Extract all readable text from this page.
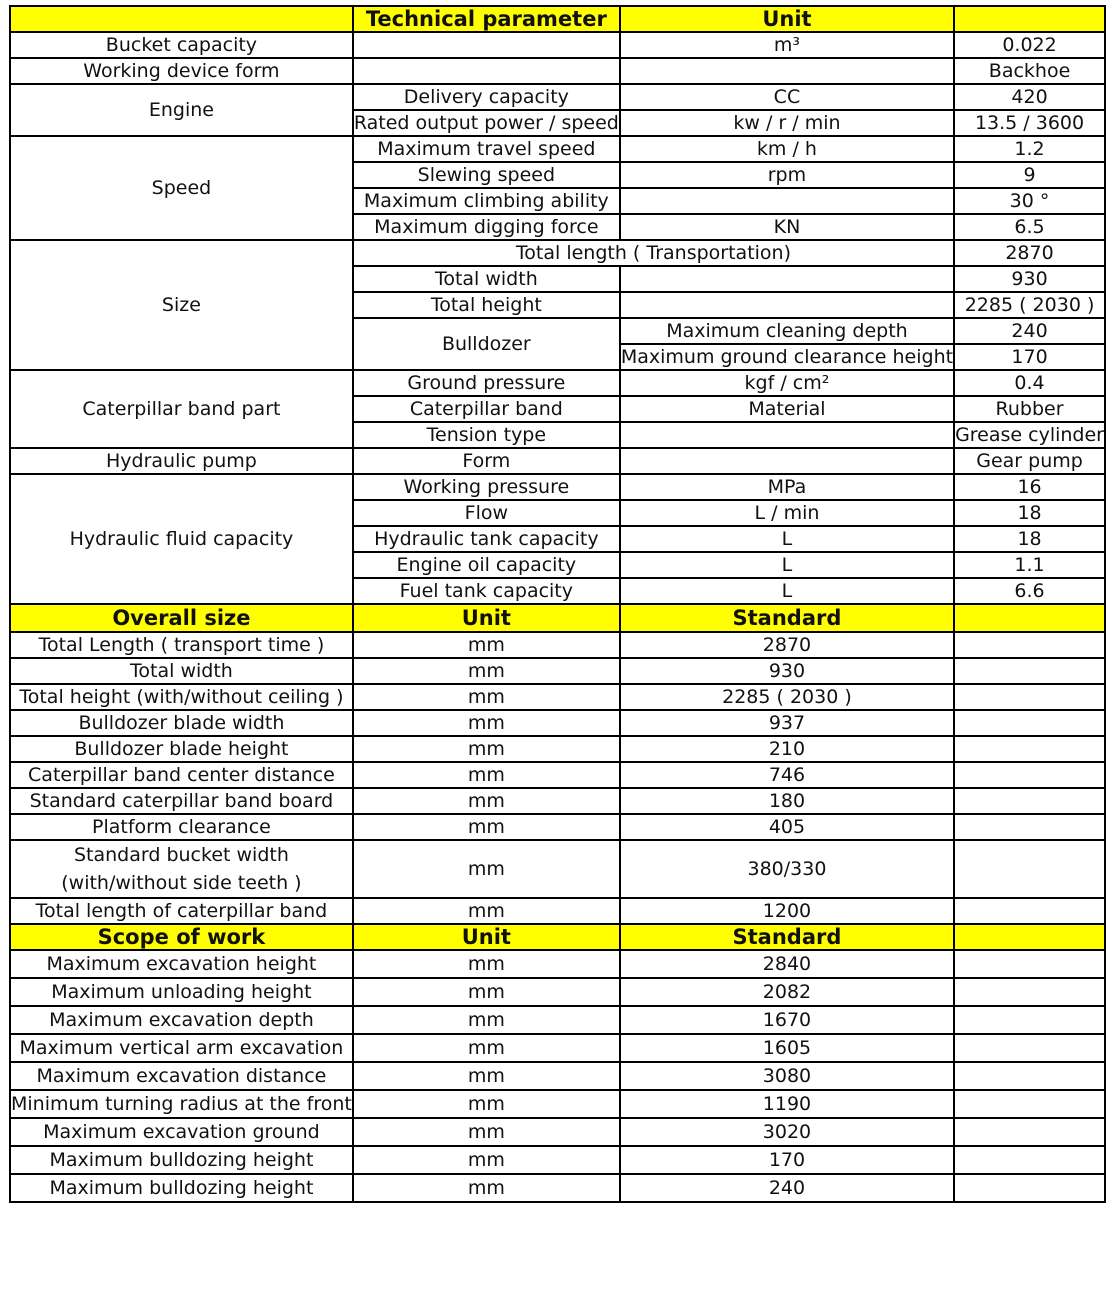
	Technical parameter	Unit	
Bucket capacity		m³	0.022
Working device form			Backhoe
Engine	Delivery capacity	CC	420
	Rated output power / speed	kw / r / min	13.5 / 3600
Speed	Maximum travel speed	km / h	1.2
	Slewing speed	rpm	9
	Maximum climbing ability		30 °
	Maximum digging force	KN	6.5
Size	Total length ( Transportation)		2870
	Total width		930
	Total height		2285 ( 2030 )
	Bulldozer	Maximum cleaning depth	240
		Maximum ground clearance height	170
Caterpillar band part	Ground pressure	kgf / cm²	0.4
	Caterpillar band	Material	Rubber
	Tension type		Grease cylinder
Hydraulic pump	Form		Gear pump
Hydraulic fluid capacity	Working pressure	MPa	16
	Flow	L / min	18
	Hydraulic tank capacity	L	18
	Engine oil capacity	L	1.1
	Fuel tank capacity	L	6.6
Overall size	Unit	Standard	
Total Length ( transport time )	mm	2870	
Total width	mm	930	
Total height (with/without ceiling )	mm	2285 ( 2030 )	
Bulldozer blade width	mm	937	
Bulldozer blade height	mm	210	
Caterpillar band center distance	mm	746	
Standard caterpillar band board	mm	180	
Platform clearance	mm	405	
Standard bucket width (with/without side teeth )	mm	380/330	
Total length of caterpillar band	mm	1200	
Scope of work	Unit	Standard	
Maximum excavation height	mm	2840	
Maximum unloading height	mm	2082	
Maximum excavation depth	mm	1670	
Maximum vertical arm excavation	mm	1605	
Maximum excavation distance	mm	3080	
Minimum turning radius at the front	mm	1190	
Maximum excavation ground	mm	3020	
Maximum bulldozing height	mm	170	
Maximum bulldozing height	mm	240	
